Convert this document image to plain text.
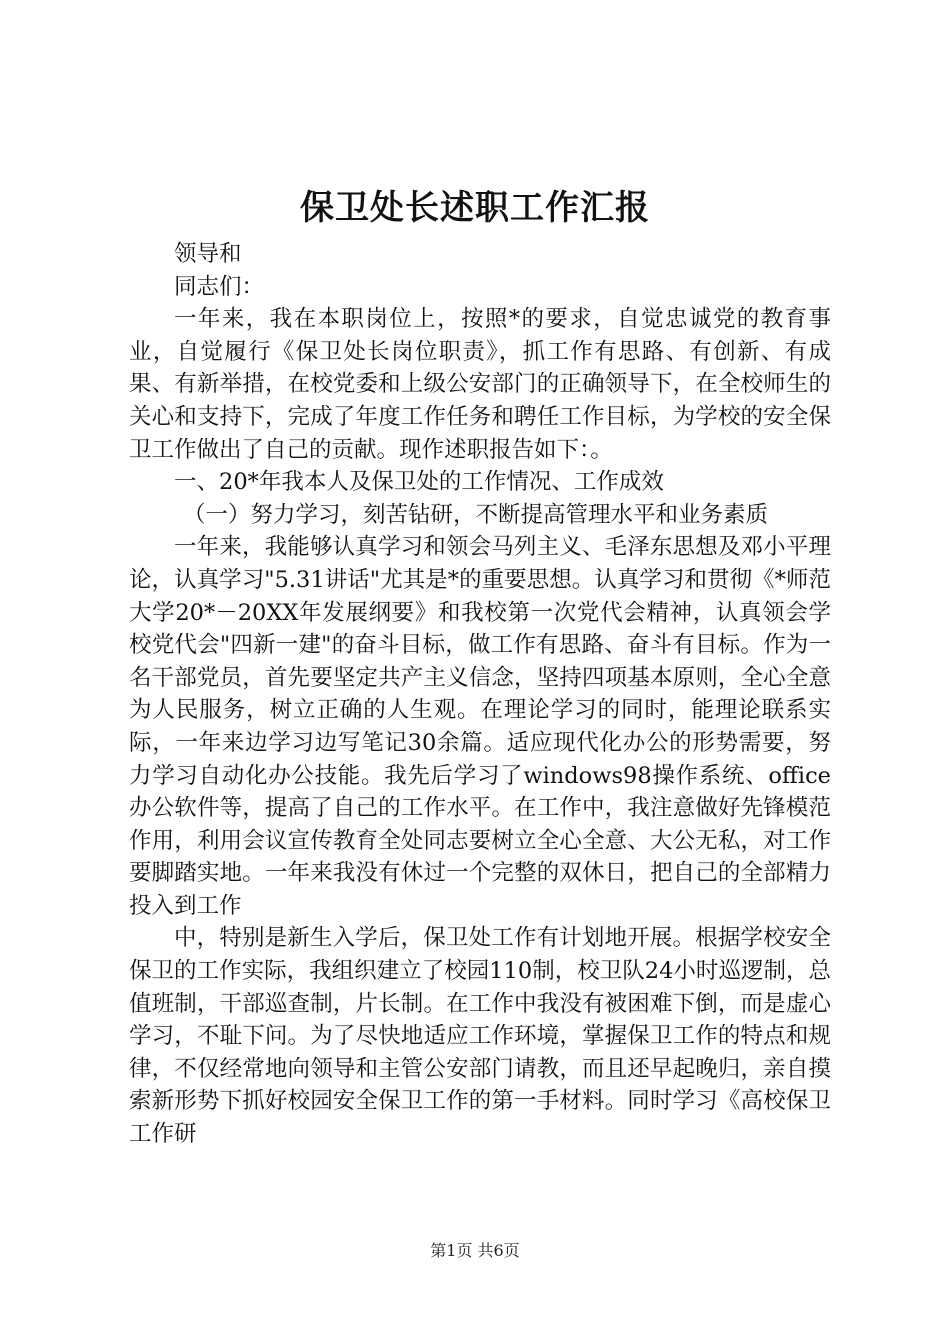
保卫处长述职工作汇报

领导和

同志们：

一年来，我在本职岗位上，按照*的要求，自觉忠诚党的教育事业，自觉履行《保卫处长岗位职责》，抓工作有思路、有创新、有成果、有新举措，在校党委和上级公安部门的正确领导下，在全校师生的关心和支持下，完成了年度工作任务和聘任工作目标，为学校的安全保卫工作做出了自己的贡献。现作述职报告如下：。

一、20*年我本人及保卫处的工作情况、工作成效

（一）努力学习，刻苦钻研，不断提高管理水平和业务素质

一年来，我能够认真学习和领会马列主义、毛泽东思想及邓小平理论，认真学习"5.31讲话"尤其是*的重要思想。认真学习和贯彻《*师范大学20*－20XX年发展纲要》和我校第一次党代会精神，认真领会学校党代会"四新一建"的奋斗目标，做工作有思路、奋斗有目标。作为一名干部党员，首先要坚定共产主义信念，坚持四项基本原则，全心全意为人民服务，树立正确的人生观。在理论学习的同时，能理论联系实际，一年来边学习边写笔记30余篇。适应现代化办公的形势需要，努力学习自动化办公技能。我先后学习了windows98操作系统、office办公软件等，提高了自己的工作水平。在工作中，我注意做好先锋模范作用，利用会议宣传教育全处同志要树立全心全意、大公无私，对工作要脚踏实地。一年来我没有休过一个完整的双休日，把自己的全部精力投入到工作

中，特别是新生入学后，保卫处工作有计划地开展。根据学校安全保卫的工作实际，我组织建立了校园110制，校卫队24小时巡逻制，总值班制，干部巡查制，片长制。在工作中我没有被困难下倒，而是虚心学习，不耻下问。为了尽快地适应工作环境，掌握保卫工作的特点和规律，不仅经常地向领导和主管公安部门请教，而且还早起晚归，亲自摸索新形势下抓好校园安全保卫工作的第一手材料。同时学习《高校保卫工作研

第1页 共6页
